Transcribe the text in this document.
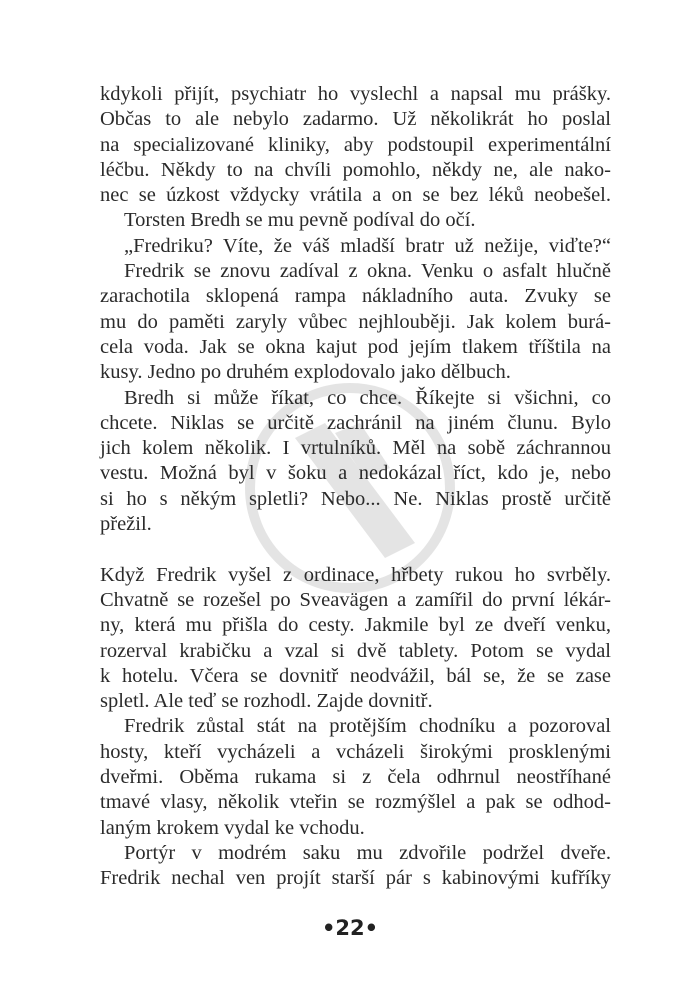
kdykoli přijít, psychiatr ho vyslechl a napsal mu prášky.
Občas to ale nebylo zadarmo. Už několikrát ho poslal
na specializované kliniky, aby podstoupil experimentální
léčbu. Někdy to na chvíli pomohlo, někdy ne, ale nako-
nec se úzkost vždycky vrátila a on se bez léků neobešel.
Torsten Bredh se mu pevně podíval do očí.
„Fredriku? Víte, že váš mladší bratr už nežije, viďte?“
Fredrik se znovu zadíval z okna. Venku o asfalt hlučně
zarachotila sklopená rampa nákladního auta. Zvuky se
mu do paměti zaryly vůbec nejhlouběji. Jak kolem burá-
cela voda. Jak se okna kajut pod jejím tlakem tříštila na
kusy. Jedno po druhém explodovalo jako dělbuch.
Bredh si může říkat, co chce. Říkejte si všichni, co
chcete. Niklas se určitě zachránil na jiném člunu. Bylo
jich kolem několik. I vrtulníků. Měl na sobě záchrannou
vestu. Možná byl v šoku a nedokázal říct, kdo je, nebo
si ho s někým spletli? Nebo... Ne. Niklas prostě určitě
přežil.
Když Fredrik vyšel z ordinace, hřbety rukou ho svrběly.
Chvatně se rozešel po Sveavägen a zamířil do první lékár-
ny, která mu přišla do cesty. Jakmile byl ze dveří venku,
rozerval krabičku a vzal si dvě tablety. Potom se vydal
k hotelu. Včera se dovnitř neodvážil, bál se, že se zase
spletl. Ale teď se rozhodl. Zajde dovnitř.
Fredrik zůstal stát na protějším chodníku a pozoroval
hosty, kteří vycházeli a vcházeli širokými prosklenými
dveřmi. Oběma rukama si z čela odhrnul neostříhané
tmavé vlasy, několik vteřin se rozmýšlel a pak se odhod-
laným krokem vydal ke vchodu.
Portýr v modrém saku mu zdvořile podržel dveře.
Fredrik nechal ven projít starší pár s kabinovými kufříky
•22•
